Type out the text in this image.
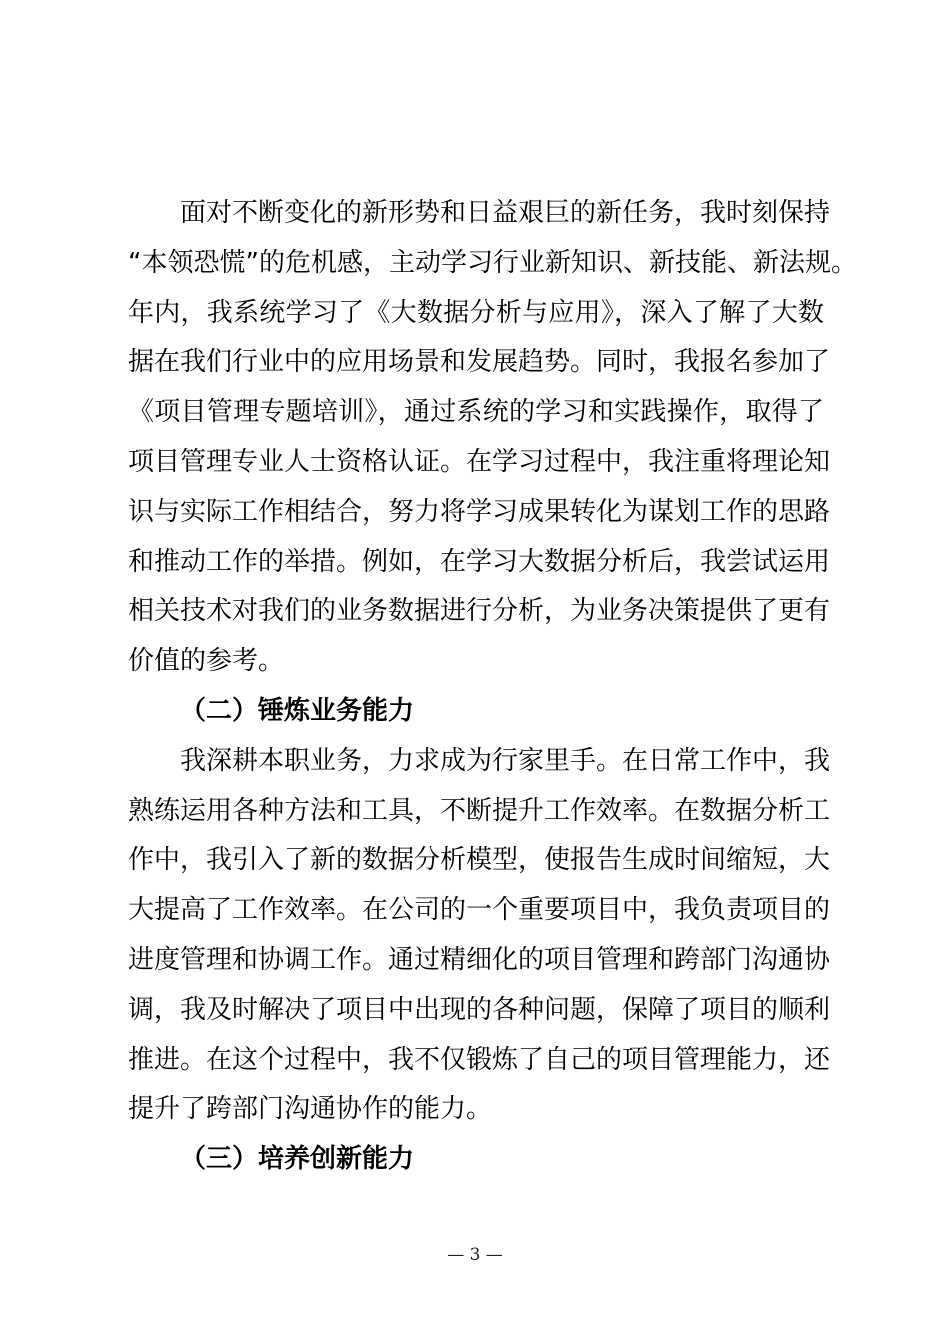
面对不断变化的新形势和日益艰巨的新任务，我时刻保持
“本领恐慌”的危机感，主动学习行业新知识、新技能、新法规。
年内，我系统学习了《大数据分析与应用》，深入了解了大数
据在我们行业中的应用场景和发展趋势。同时，我报名参加了
《项目管理专题培训》，通过系统的学习和实践操作，取得了
项目管理专业人士资格认证。在学习过程中，我注重将理论知
识与实际工作相结合，努力将学习成果转化为谋划工作的思路
和推动工作的举措。例如，在学习大数据分析后，我尝试运用
相关技术对我们的业务数据进行分析，为业务决策提供了更有
价值的参考。
（二）锤炼业务能力
我深耕本职业务，力求成为行家里手。在日常工作中，我
熟练运用各种方法和工具，不断提升工作效率。在数据分析工
作中，我引入了新的数据分析模型，使报告生成时间缩短，大
大提高了工作效率。在公司的一个重要项目中，我负责项目的
进度管理和协调工作。通过精细化的项目管理和跨部门沟通协
调，我及时解决了项目中出现的各种问题，保障了项目的顺利
推进。在这个过程中，我不仅锻炼了自己的项目管理能力，还
提升了跨部门沟通协作的能力。
（三）培养创新能力
— 3 —
